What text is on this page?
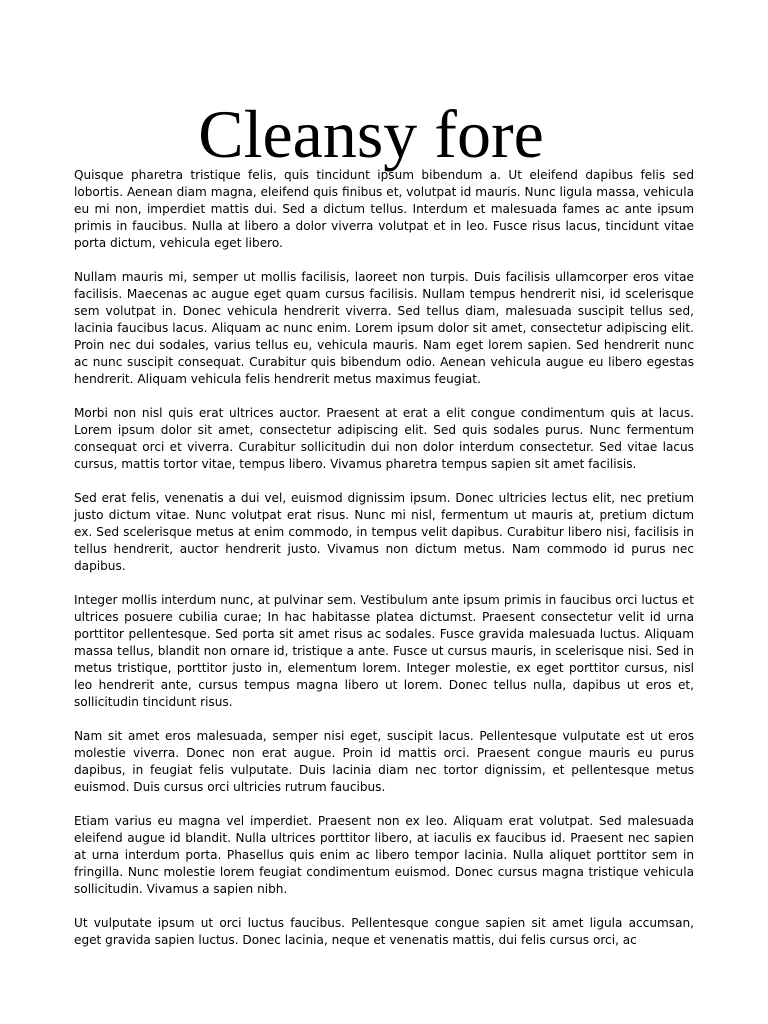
Cleansy fore

Quisque pharetra tristique felis, quis tincidunt ipsum bibendum a. Ut eleifend dapibus felis sed lobortis. Aenean diam magna, eleifend quis finibus et, volutpat id mauris. Nunc ligula massa, vehicula eu mi non, imperdiet mattis dui. Sed a dictum tellus. Interdum et malesuada fames ac ante ipsum primis in faucibus. Nulla at libero a dolor viverra volutpat et in leo. Fusce risus lacus, tincidunt vitae porta dictum, vehicula eget libero.

Nullam mauris mi, semper ut mollis facilisis, laoreet non turpis. Duis facilisis ullamcorper eros vitae facilisis. Maecenas ac augue eget quam cursus facilisis. Nullam tempus hendrerit nisi, id scelerisque sem volutpat in. Donec vehicula hendrerit viverra. Sed tellus diam, malesuada suscipit tellus sed, lacinia faucibus lacus. Aliquam ac nunc enim. Lorem ipsum dolor sit amet, consectetur adipiscing elit. Proin nec dui sodales, varius tellus eu, vehicula mauris. Nam eget lorem sapien. Sed hendrerit nunc ac nunc suscipit consequat. Curabitur quis bibendum odio. Aenean vehicula augue eu libero egestas hendrerit. Aliquam vehicula felis hendrerit metus maximus feugiat.

Morbi non nisl quis erat ultrices auctor. Praesent at erat a elit congue condimentum quis at lacus. Lorem ipsum dolor sit amet, consectetur adipiscing elit. Sed quis sodales purus. Nunc fermentum consequat orci et viverra. Curabitur sollicitudin dui non dolor interdum consectetur. Sed vitae lacus cursus, mattis tortor vitae, tempus libero. Vivamus pharetra tempus sapien sit amet facilisis.

Sed erat felis, venenatis a dui vel, euismod dignissim ipsum. Donec ultricies lectus elit, nec pretium justo dictum vitae. Nunc volutpat erat risus. Nunc mi nisl, fermentum ut mauris at, pretium dictum ex. Sed scelerisque metus at enim commodo, in tempus velit dapibus. Curabitur libero nisi, facilisis in tellus hendrerit, auctor hendrerit justo. Vivamus non dictum metus. Nam commodo id purus nec dapibus.

Integer mollis interdum nunc, at pulvinar sem. Vestibulum ante ipsum primis in faucibus orci luctus et ultrices posuere cubilia curae; In hac habitasse platea dictumst. Praesent consectetur velit id urna porttitor pellentesque. Sed porta sit amet risus ac sodales. Fusce gravida malesuada luctus. Aliquam massa tellus, blandit non ornare id, tristique a ante. Fusce ut cursus mauris, in scelerisque nisi. Sed in metus tristique, porttitor justo in, elementum lorem. Integer molestie, ex eget porttitor cursus, nisl leo hendrerit ante, cursus tempus magna libero ut lorem. Donec tellus nulla, dapibus ut eros et, sollicitudin tincidunt risus.

Nam sit amet eros malesuada, semper nisi eget, suscipit lacus. Pellentesque vulputate est ut eros molestie viverra. Donec non erat augue. Proin id mattis orci. Praesent congue mauris eu purus dapibus, in feugiat felis vulputate. Duis lacinia diam nec tortor dignissim, et pellentesque metus euismod. Duis cursus orci ultricies rutrum faucibus.

Etiam varius eu magna vel imperdiet. Praesent non ex leo. Aliquam erat volutpat. Sed malesuada eleifend augue id blandit. Nulla ultrices porttitor libero, at iaculis ex faucibus id. Praesent nec sapien at urna interdum porta. Phasellus quis enim ac libero tempor lacinia. Nulla aliquet porttitor sem in fringilla. Nunc molestie lorem feugiat condimentum euismod. Donec cursus magna tristique vehicula sollicitudin. Vivamus a sapien nibh.

Ut vulputate ipsum ut orci luctus faucibus. Pellentesque congue sapien sit amet ligula accumsan, eget gravida sapien luctus. Donec lacinia, neque et venenatis mattis, dui felis cursus orci, ac
